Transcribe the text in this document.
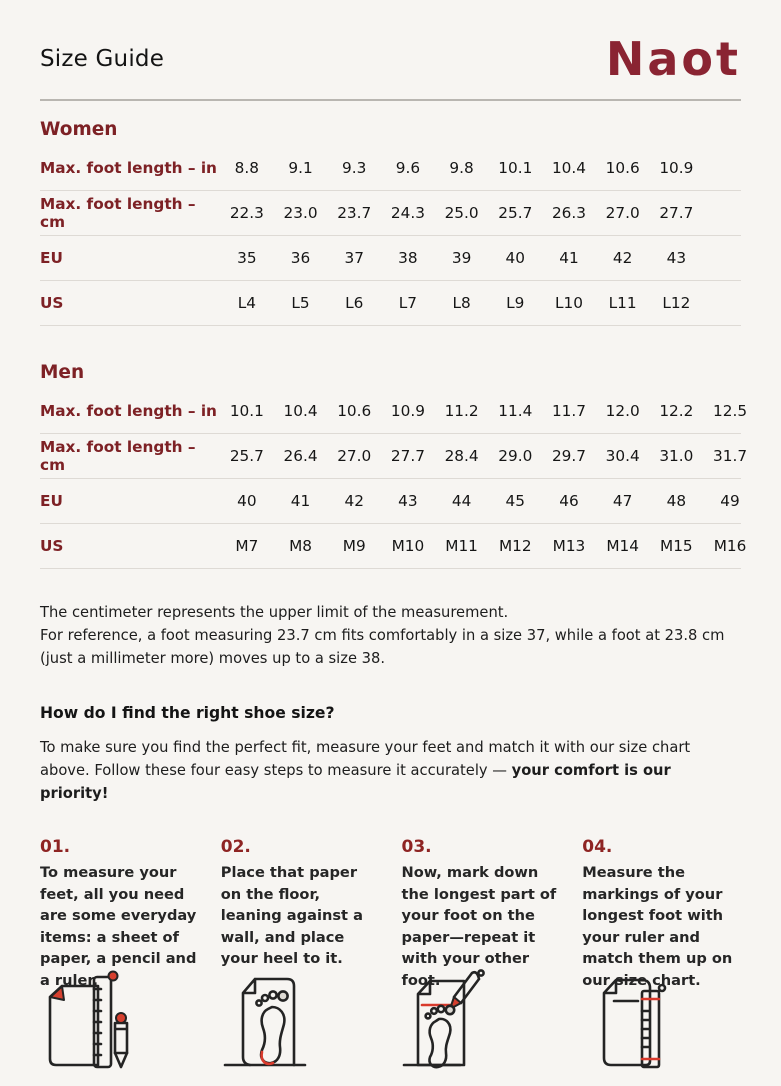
Size Guide	Naot
Women
Max. foot length – in	8.8	9.1	9.3	9.6	9.8	10.1	10.4	10.6	10.9
Max. foot length – cm	22.3	23.0	23.7	24.3	25.0	25.7	26.3	27.0	27.7
EU	35	36	37	38	39	40	41	42	43
US	L4	L5	L6	L7	L8	L9	L10	L11	L12
Men
Max. foot length – in 10.1	10.4	10.6	10.9	11.2	11.4	11.7	12.0	12.2	12.5
Max. foot length – cm	25.7	26.4	27.0	27.7	28.4	29.0	29.7	30.4	31.0	31.7
EU	40	41	42	43	44	45	46	47	48	49
US	M7	M8	M9	M10	M11	M12	M13	M14	M15	M16

The centimeter represents the upper limit of the measurement.

For reference, a foot measuring 23.7 cm fits comfortably in a size 37, while a foot at 23.8 cm (just a millimeter more) moves up to a size 38.

How do I find the right shoe size?
To make sure you find the perfect fit, measure your feet and match it with our size chart above. Follow these four easy steps to measure it accurately — your comfort is our priority!
01.
To measure your feet, all you need are some everyday items: a sheet of paper, a pencil and a ruler.
02.
Place that paper on the floor, leaning against a wall, and place your heel to it.
03.
Now, mark down the longest part of your foot on the paper—repeat it with your other foot.
04.
Measure the markings of your longest foot with your ruler and match them up on our size chart.
